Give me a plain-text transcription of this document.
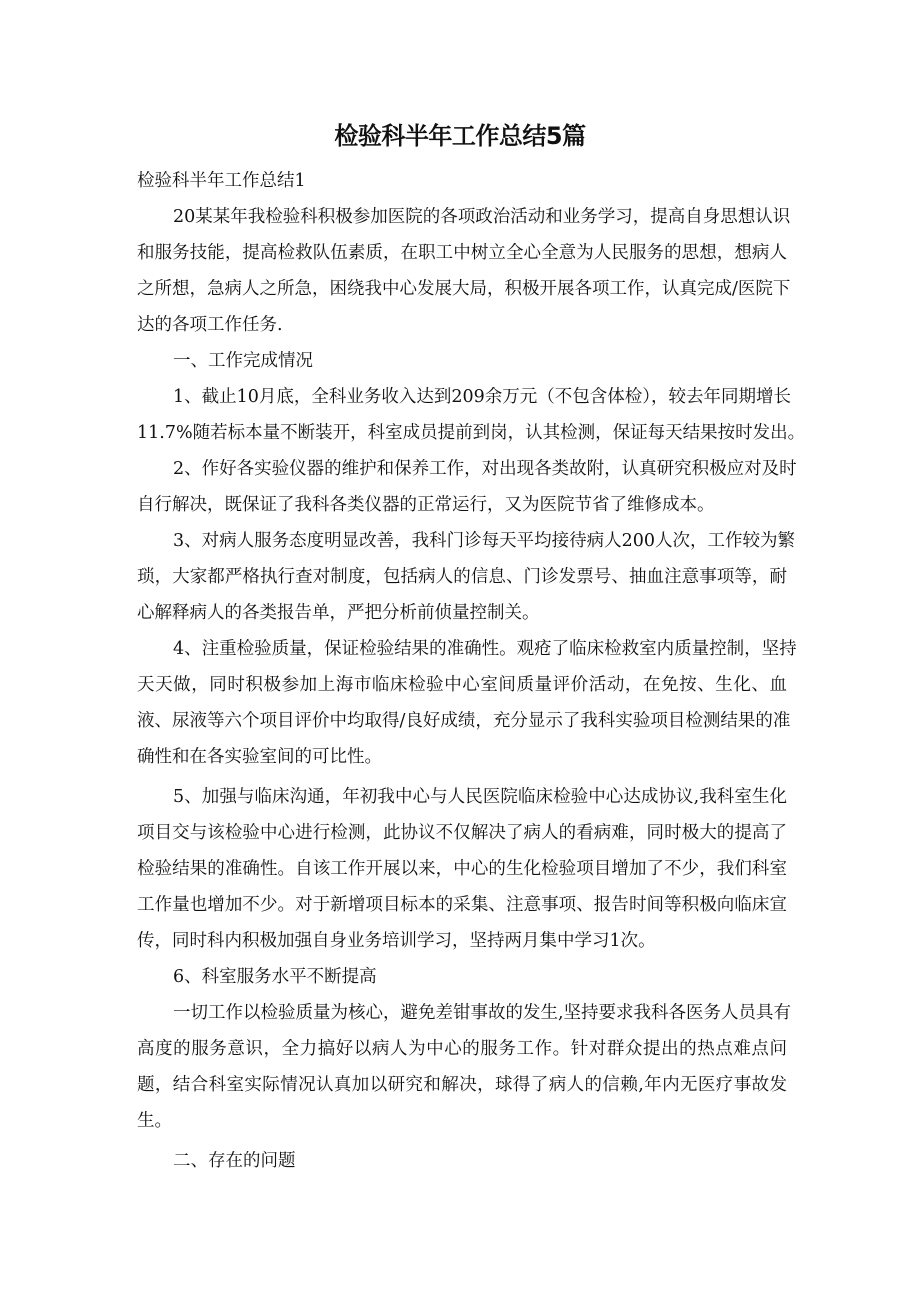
检验科半年工作总结5篇
检验科半年工作总结1
20某某年我检验科积极参加医院的各项政治活动和业务学习，提高自身思想认识
和服务技能，提高检救队伍素质，在职工中树立全心全意为人民服务的思想，想病人
之所想，急病人之所急，困绕我中心发展大局，积极开展各项工作，认真完成/医院下
达的各项工作任务.
一、工作完成情况
1、截止10月底，全科业务收入达到209余万元（不包含体检），较去年同期增长
11.7%随若标本量不断装开，科室成员提前到岗，认其检测，保证每天结果按时发出。
2、作好各实验仪器的维护和保养工作，对出现各类故附，认真研究积极应对及时
自行解决，既保证了我科各类仪器的正常运行，又为医院节省了维修成本。
3、对病人服务态度明显改善，我科门诊每天平均接待病人200人次，工作较为繁
琐，大家都严格执行查对制度，包括病人的信息、门诊发票号、抽血注意事项等，耐
心解释病人的各类报告单，严把分析前侦量控制关。
4、注重检验质量，保证检验结果的准确性。观疮了临床检救室内质量控制，坚持
天天做，同时积极参加上海市临床检验中心室间质量评价活动，在免按、生化、血
液、尿液等六个项目评价中均取得/良好成绩，充分显示了我科实验项目检测结果的准
确性和在各实验室间的可比性。
5、加强与临床沟通，年初我中心与人民医院临床检验中心达成协议,我科室生化
项目交与该检验中心进行检测，此协议不仅解决了病人的看病难，同时极大的提高了
检验结果的准确性。自该工作开展以来，中心的生化检验项目增加了不少，我们科室
工作量也增加不少。对于新增项目标本的采集、注意事项、报告时间等积极向临床宣
传，同时科内积极加强自身业务培训学习，坚持两月集中学习1次。
6、科室服务水平不断提高
一切工作以检验质量为核心，避免差钳事故的发生,坚持要求我科各医务人员具有
高度的服务意识，全力搞好以病人为中心的服务工作。针对群众提出的热点难点问
题，结合科室实际情况认真加以研究和解决，球得了病人的信赖,年内无医疗事故发
生。
二、存在的问题
